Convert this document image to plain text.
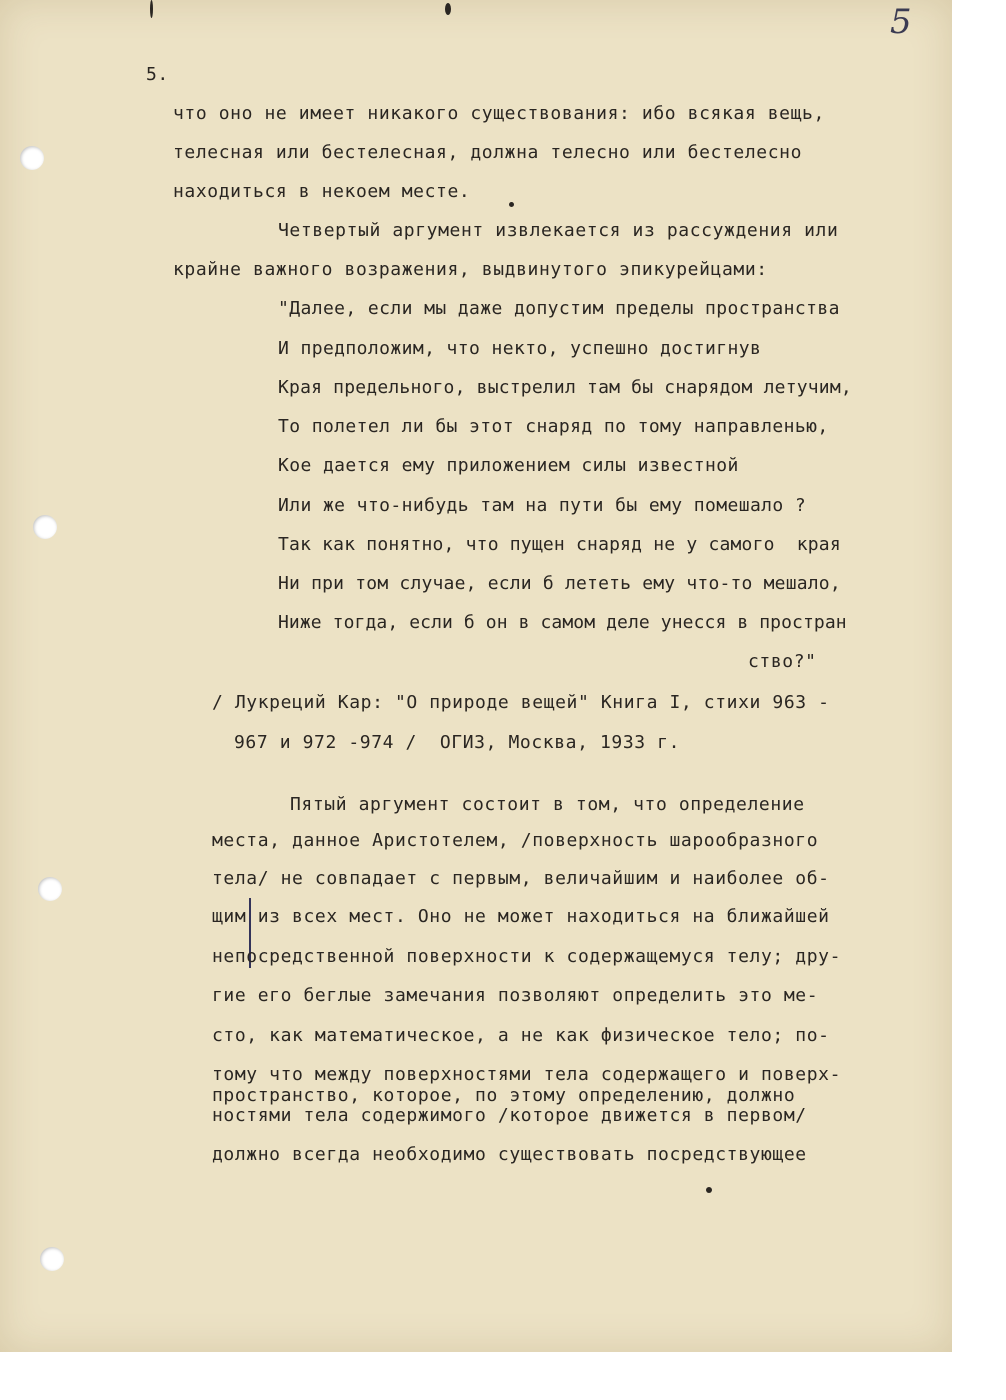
5
5.
что оно не имеет никакого существования: ибо всякая вещь,
телесная или бестелесная, должна телесно или бестелесно
находиться в некоем месте.
Четвертый аргумент извлекается из рассуждения или
крайне важного возражения, выдвинутого эпикурейцами:
"Далее, если мы даже допустим пределы пространства
И предположим, что некто, успешно достигнув
Края предельного, выстрелил там бы снарядом летучим,
То полетел ли бы этот снаряд по тому направленью,
Кое дается ему приложением силы известной
Или же что-нибудь там на пути бы ему помешало ?
Так как понятно, что пущен снаряд не у самого  края
Ни при том случае, если б лететь ему что-то мешало,
Ниже тогда, если б он в самом деле унесся в простран
ство?"
/ Лукреций Кар: "О природе вещей" Книга I, стихи 963 -
967 и 972 -974 /  ОГИЗ, Москва, 1933 г.
Пятый аргумент состоит в том, что определение
места, данное Аристотелем, /поверхность шарообразного
тела/ не совпадает с первым, величайшим и наиболее об-
щим из всех мест. Оно не может находиться на ближайшей
непосредственной поверхности к содержащемуся телу; дру-
гие его беглые замечания позволяют определить это ме-
сто, как математическое, а не как физическое тело; по-
тому что между поверхностями тела содержащего и поверх-
пространство, которое, по этому определению, должно
ностями тела содержимого /которое движется в первом/
должно всегда необходимо существовать посредствующее
